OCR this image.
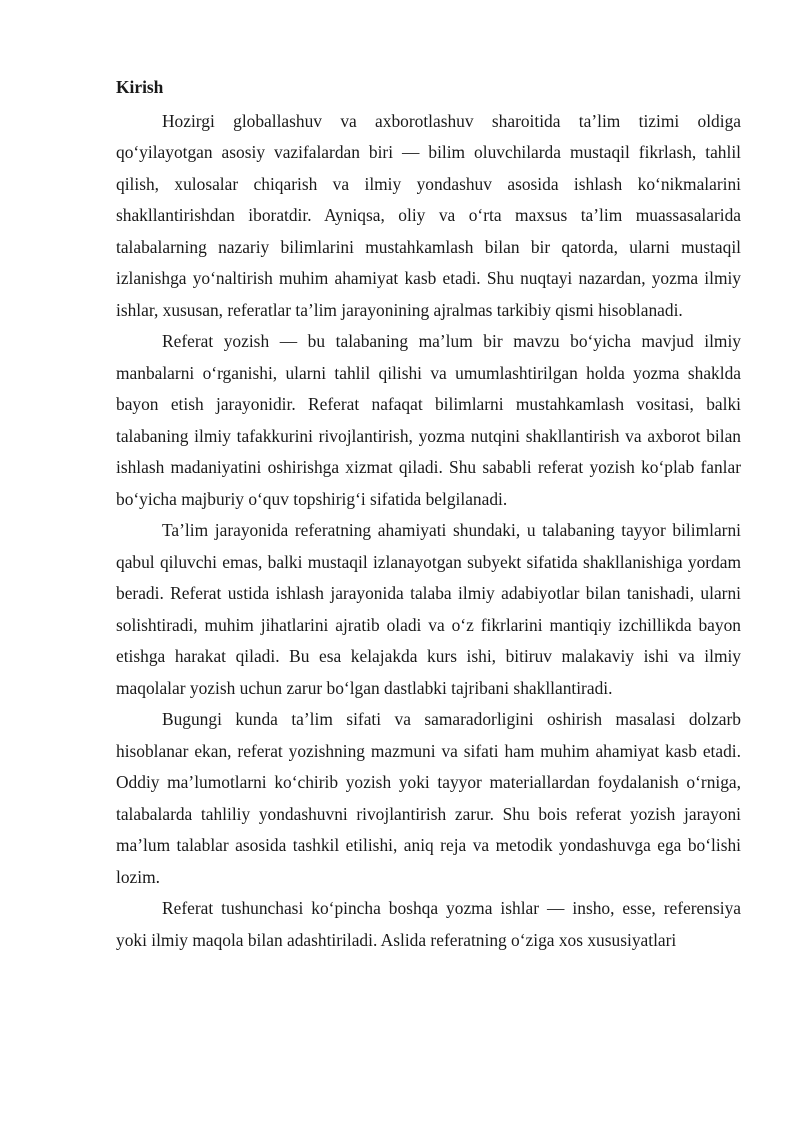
Kirish

Hozirgi globallashuv va axborotlashuv sharoitida ta’lim tizimi oldiga qo‘yilayotgan asosiy vazifalardan biri — bilim oluvchilarda mustaqil fikrlash, tahlil qilish, xulosalar chiqarish va ilmiy yondashuv asosida ishlash ko‘nikmalarini shakllantirishdan iboratdir. Ayniqsa, oliy va o‘rta maxsus ta’lim muassasalarida talabalarning nazariy bilimlarini mustahkamlash bilan bir qatorda, ularni mustaqil izlanishga yo‘naltirish muhim ahamiyat kasb etadi. Shu nuqtayi nazardan, yozma ilmiy ishlar, xususan, referatlar ta’lim jarayonining ajralmas tarkibiy qismi hisoblanadi.

Referat yozish — bu talabaning ma’lum bir mavzu bo‘yicha mavjud ilmiy manbalarni o‘rganishi, ularni tahlil qilishi va umumlashtirilgan holda yozma shaklda bayon etish jarayonidir. Referat nafaqat bilimlarni mustahkamlash vositasi, balki talabaning ilmiy tafakkurini rivojlantirish, yozma nutqini shakllantirish va axborot bilan ishlash madaniyatini oshirishga xizmat qiladi. Shu sababli referat yozish ko‘plab fanlar bo‘yicha majburiy o‘quv topshirig‘i sifatida belgilanadi.

Ta’lim jarayonida referatning ahamiyati shundaki, u talabaning tayyor bilimlarni qabul qiluvchi emas, balki mustaqil izlanayotgan subyekt sifatida shakllanishiga yordam beradi. Referat ustida ishlash jarayonida talaba ilmiy adabiyotlar bilan tanishadi, ularni solishtiradi, muhim jihatlarini ajratib oladi va o‘z fikrlarini mantiqiy izchillikda bayon etishga harakat qiladi. Bu esa kelajakda kurs ishi, bitiruv malakaviy ishi va ilmiy maqolalar yozish uchun zarur bo‘lgan dastlabki tajribani shakllantiradi.

Bugungi kunda ta’lim sifati va samaradorligini oshirish masalasi dolzarb hisoblanar ekan, referat yozishning mazmuni va sifati ham muhim ahamiyat kasb etadi. Oddiy ma’lumotlarni ko‘chirib yozish yoki tayyor materiallardan foydalanish o‘rniga, talabalarda tahliliy yondashuvni rivojlantirish zarur. Shu bois referat yozish jarayoni ma’lum talablar asosida tashkil etilishi, aniq reja va metodik yondashuvga ega bo‘lishi lozim.

Referat tushunchasi ko‘pincha boshqa yozma ishlar — insho, esse, referensiya yoki ilmiy maqola bilan adashtiriladi. Aslida referatning o‘ziga xos xususiyatlari
